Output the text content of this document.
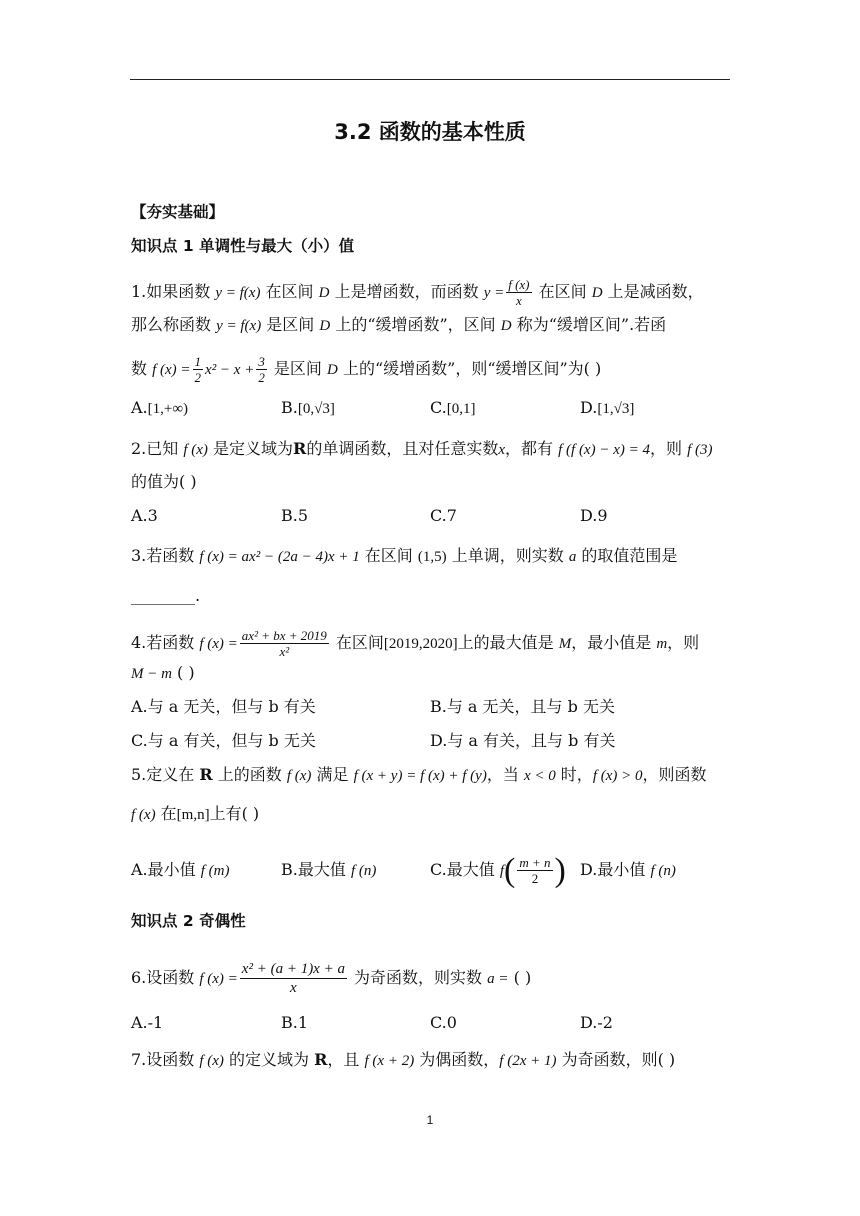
3.2 函数的基本性质
【夯实基础】
知识点 1 单调性与最大（小）值
1.如果函数 y = f(x) 在区间 D 上是增函数，而函数 $y = \frac{f (x)}{x}$ 在区间 D 上是减函数，
那么称函数 y = f(x) 是区间 D 上的“缓增函数”，区间 D 称为“缓增区间”.若函
数 f $(x) = \frac{1}{2} x^2 - x + \frac{3}{2}$ 是区间 D 上的“缓增函数”，则“缓增区间”为( )
A.[1,+∞)	B.[0,√3]	C.[0,1]	D.[1,√3]
2.已知 f (x) 是定义域为R的单调函数，且对任意实数x，都有 f (f (x) − x) = 4，则 f (3)
的值为( )
A.3	B.5	C.7	D.9
3.若函数 f (x) = ax² − (2a − 4)x + 1 在区间 (1,5) 上单调，则实数 a 的取值范围是
________.
4.若函数 f $(x) = \frac{\text{ax² + bx + 2019}}{\text{x²}}$ 在区间[2019,2020]上的最大值是 M，最小值是 m，则
M − m ( )
A.与 a 无关，但与 b 有关	B.与 a 无关，且与 b 无关
C.与 a 有关，但与 b 无关	D.与 a 有关，且与 b 有关
5.定义在 R 上的函数 f (x) 满足 f (x + y) = f (x) + f (y)，当 x < 0 时，f (x) > 0，则函数
f (x) 在[m,n]上有( )
A.最小值 f (m)	B.最大值 f (n)	C.最大值 $f( \frac{m + n}{2}$ ) D.最小值 f (n)
知识点 2 奇偶性
6.设函数 f $(x) = \frac{\text{x² + (a + 1)x + a}}{x}$ 为奇函数，则实数 a = ( )
A.-1	B.1	C.0	D.-2
7.设函数 f (x) 的定义域为 R，且 f (x + 2) 为偶函数，f (2x + 1) 为奇函数，则( )
1
